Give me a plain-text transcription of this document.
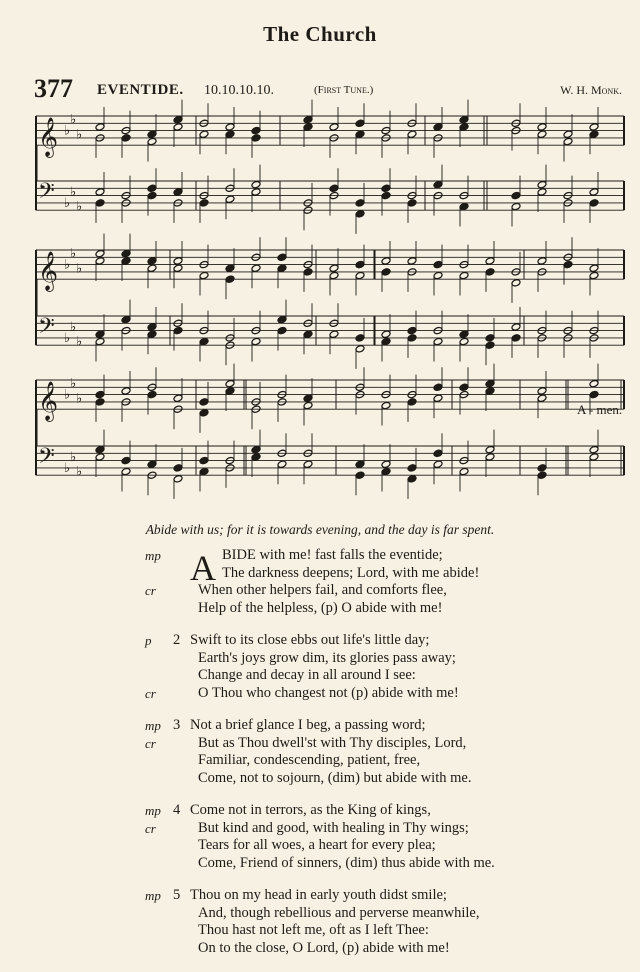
The Church
377 EVENTIDE. 10.10.10.10.	(First Tune.)	W. H. Monk.
𝄞 ♭
♭
♭
𝄢 ♭
♭
♭
𝄞 ♭
♭
♭
𝄢 ♭
♭
♭
𝄞 ♭
♭
♭
𝄢 ♭
♭
♭
A - men.
Abide with us; for it is towards evening, and the day is far spent.
mp A BIDE with me! fast falls the eventide;
The darkness deepens; Lord, with me abide!
cr	When other helpers fail, and comforts flee,
Help of the helpless, (p) O abide with me!
p 2 Swift to its close ebbs out life's little day;
Earth's joys grow dim, its glories pass away;
Change and decay in all around I see:
cr	O Thou who changest not (p) abide with me!
mp 3 Not a brief glance I beg, a passing word;
cr	But as Thou dwell'st with Thy disciples, Lord,
Familiar, condescending, patient, free,
Come, not to sojourn, (dim) but abide with me.
mp 4 Come not in terrors, as the King of kings,
cr	But kind and good, with healing in Thy wings;
Tears for all woes, a heart for every plea;
Come, Friend of sinners, (dim) thus abide with me.
mp 5 Thou on my head in early youth didst smile;
And, though rebellious and perverse meanwhile,
Thou hast not left me, oft as I left Thee:
On to the close, O Lord, (p) abide with me!
